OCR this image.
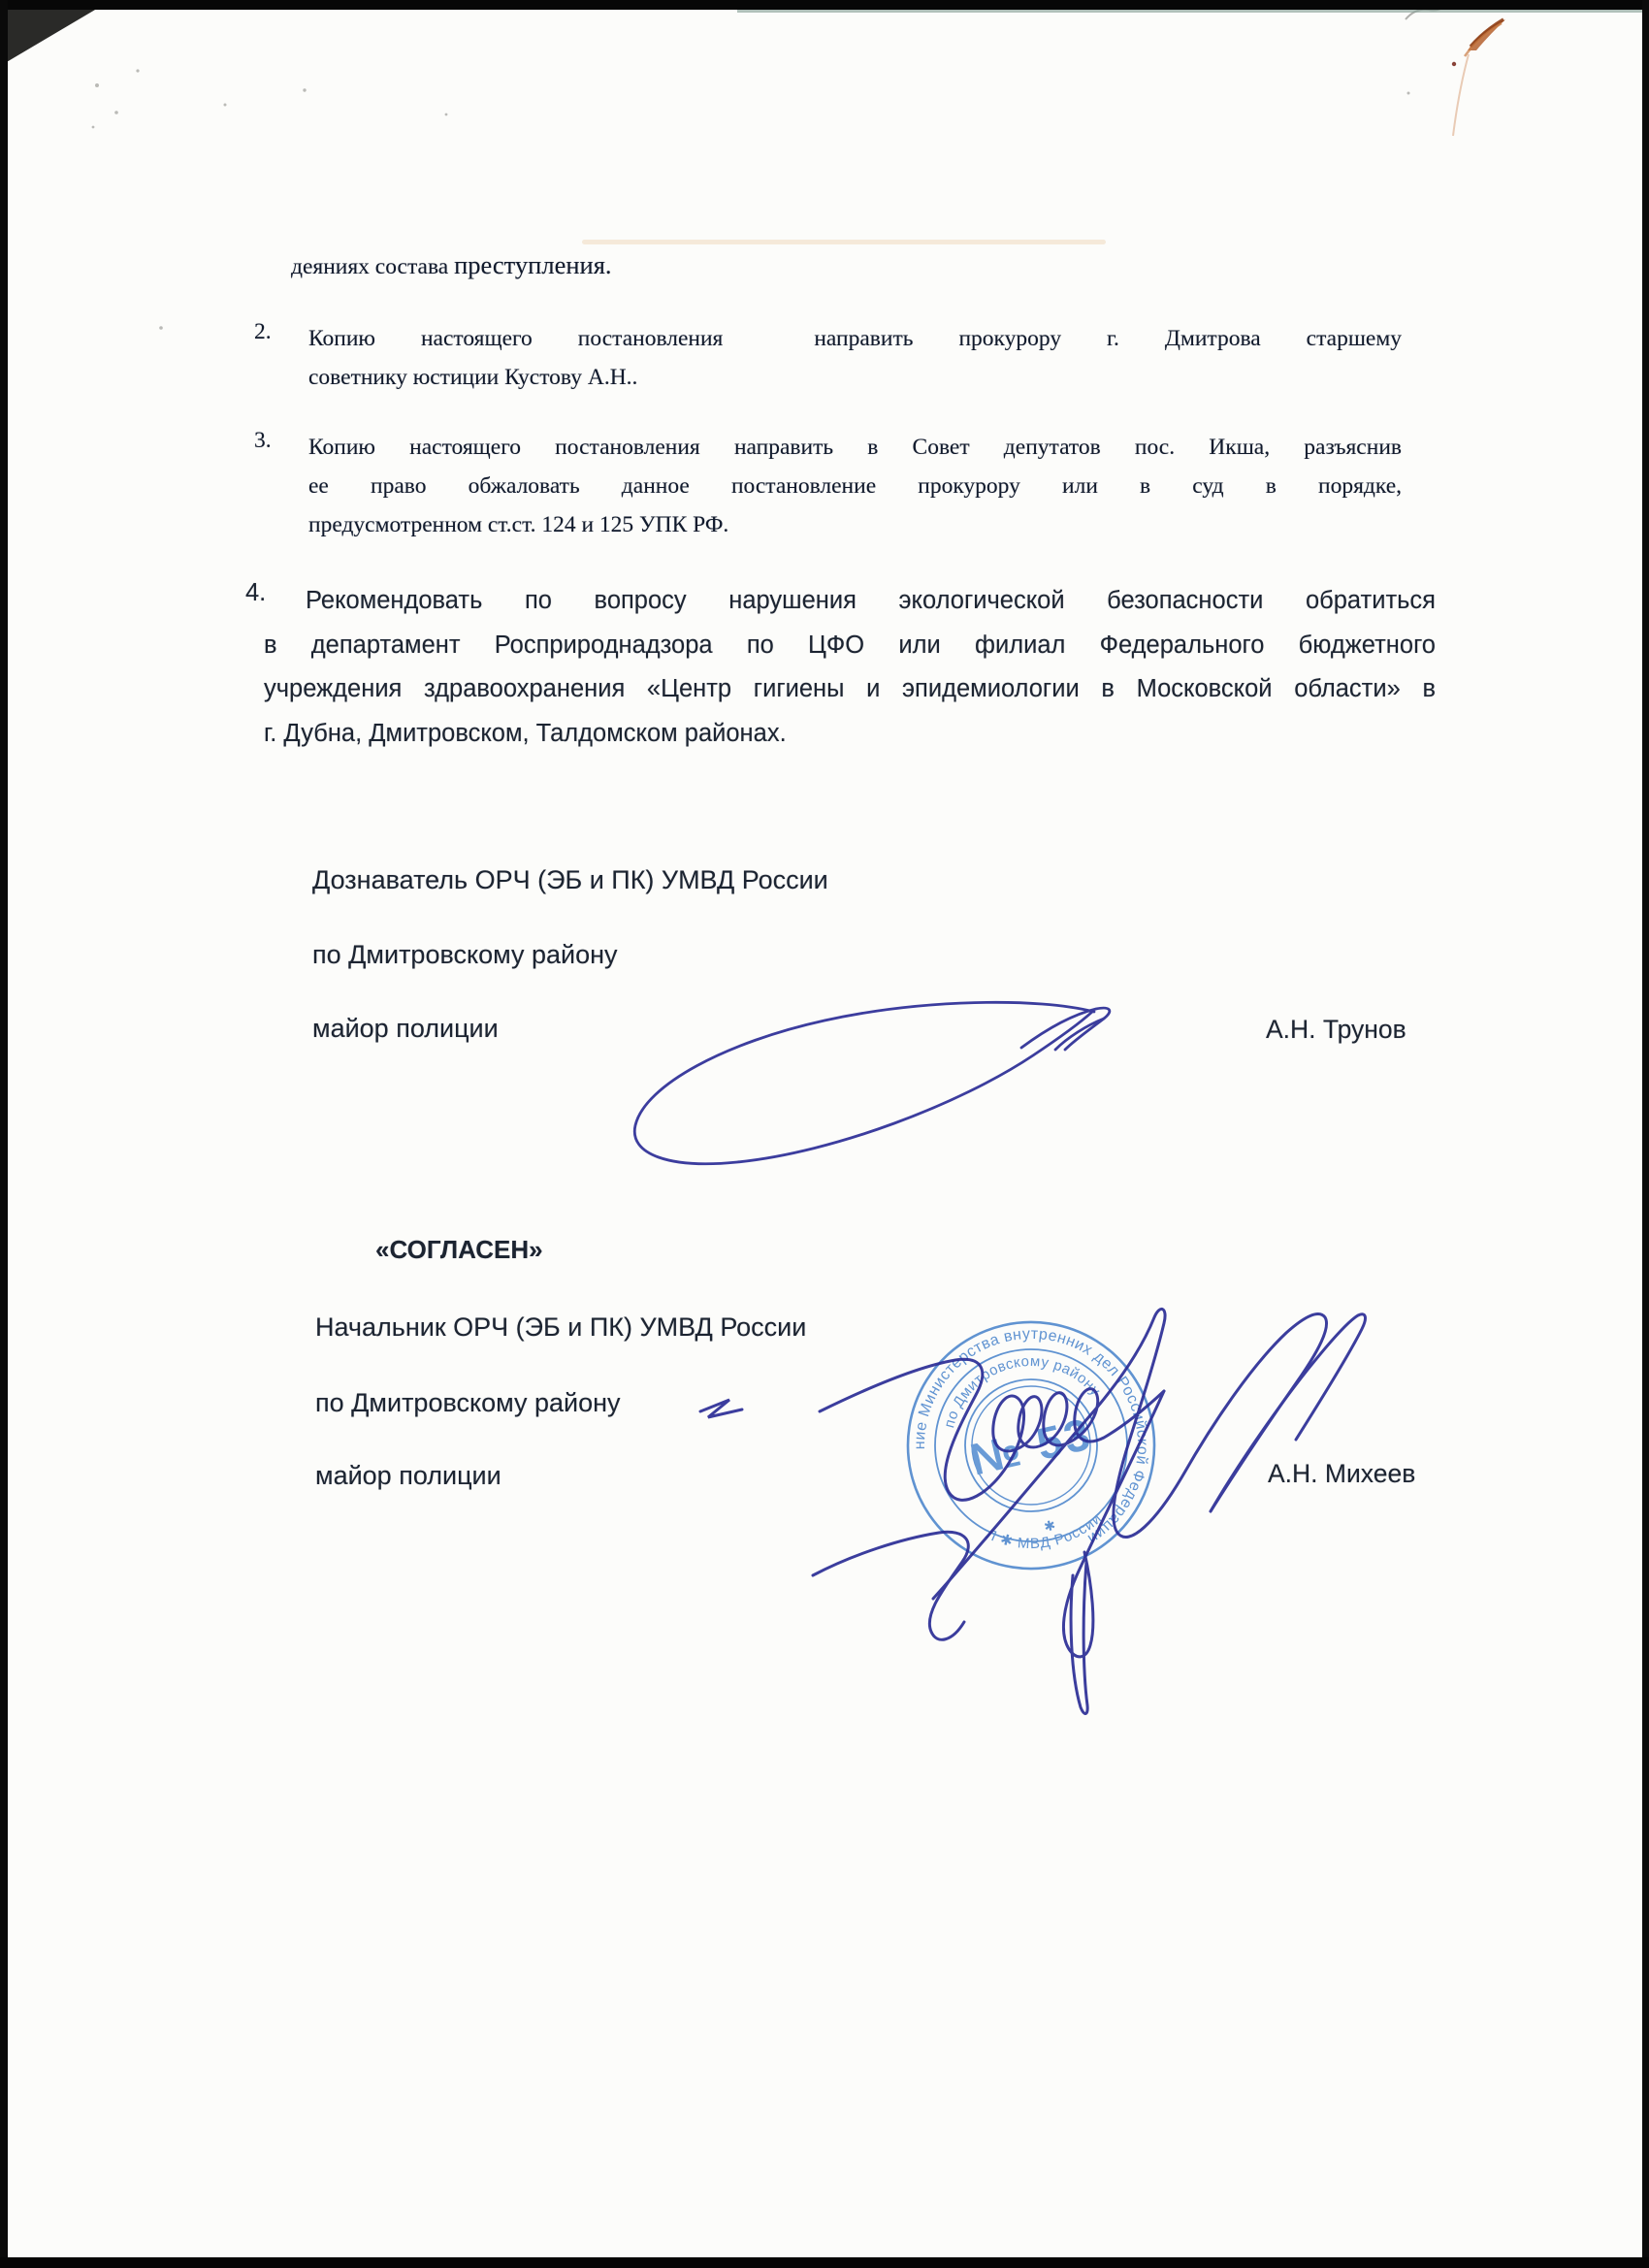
деяниях состава преступления.
2. Копию настоящего постановления  направить прокурору г. Дмитрова старшему
советнику юстиции Кустову А.Н..
3. Копию настоящего постановления направить в Совет депутатов пос. Икша, разъяснив
ее право обжаловать данное постановление прокурору или в суд в порядке,
предусмотренном ст.ст. 124 и 125 УПК РФ.
4.	Рекомендовать по вопросу нарушения экологической безопасности обратиться
в департамент Росприроднадзора по ЦФО или филиал Федерального бюджетного
учреждения здравоохранения «Центр гигиены и эпидемиологии в Московской области» в
г. Дубна, Дмитровском, Талдомском районах.
Дознаватель ОРЧ (ЭБ и ПК) УМВД России
по Дмитровскому району
майор полиции	А.Н. Трунов
«СОГЛАСЕН»
Начальник ОРЧ (ЭБ и ПК) УМВД России
по Дмитровскому району
майор полиции	А.Н. Михеев
ние Министерства внутренних дел Российской Федерации
Л ✱ МВД России
по Дмитровскому району
✱
№ 53
